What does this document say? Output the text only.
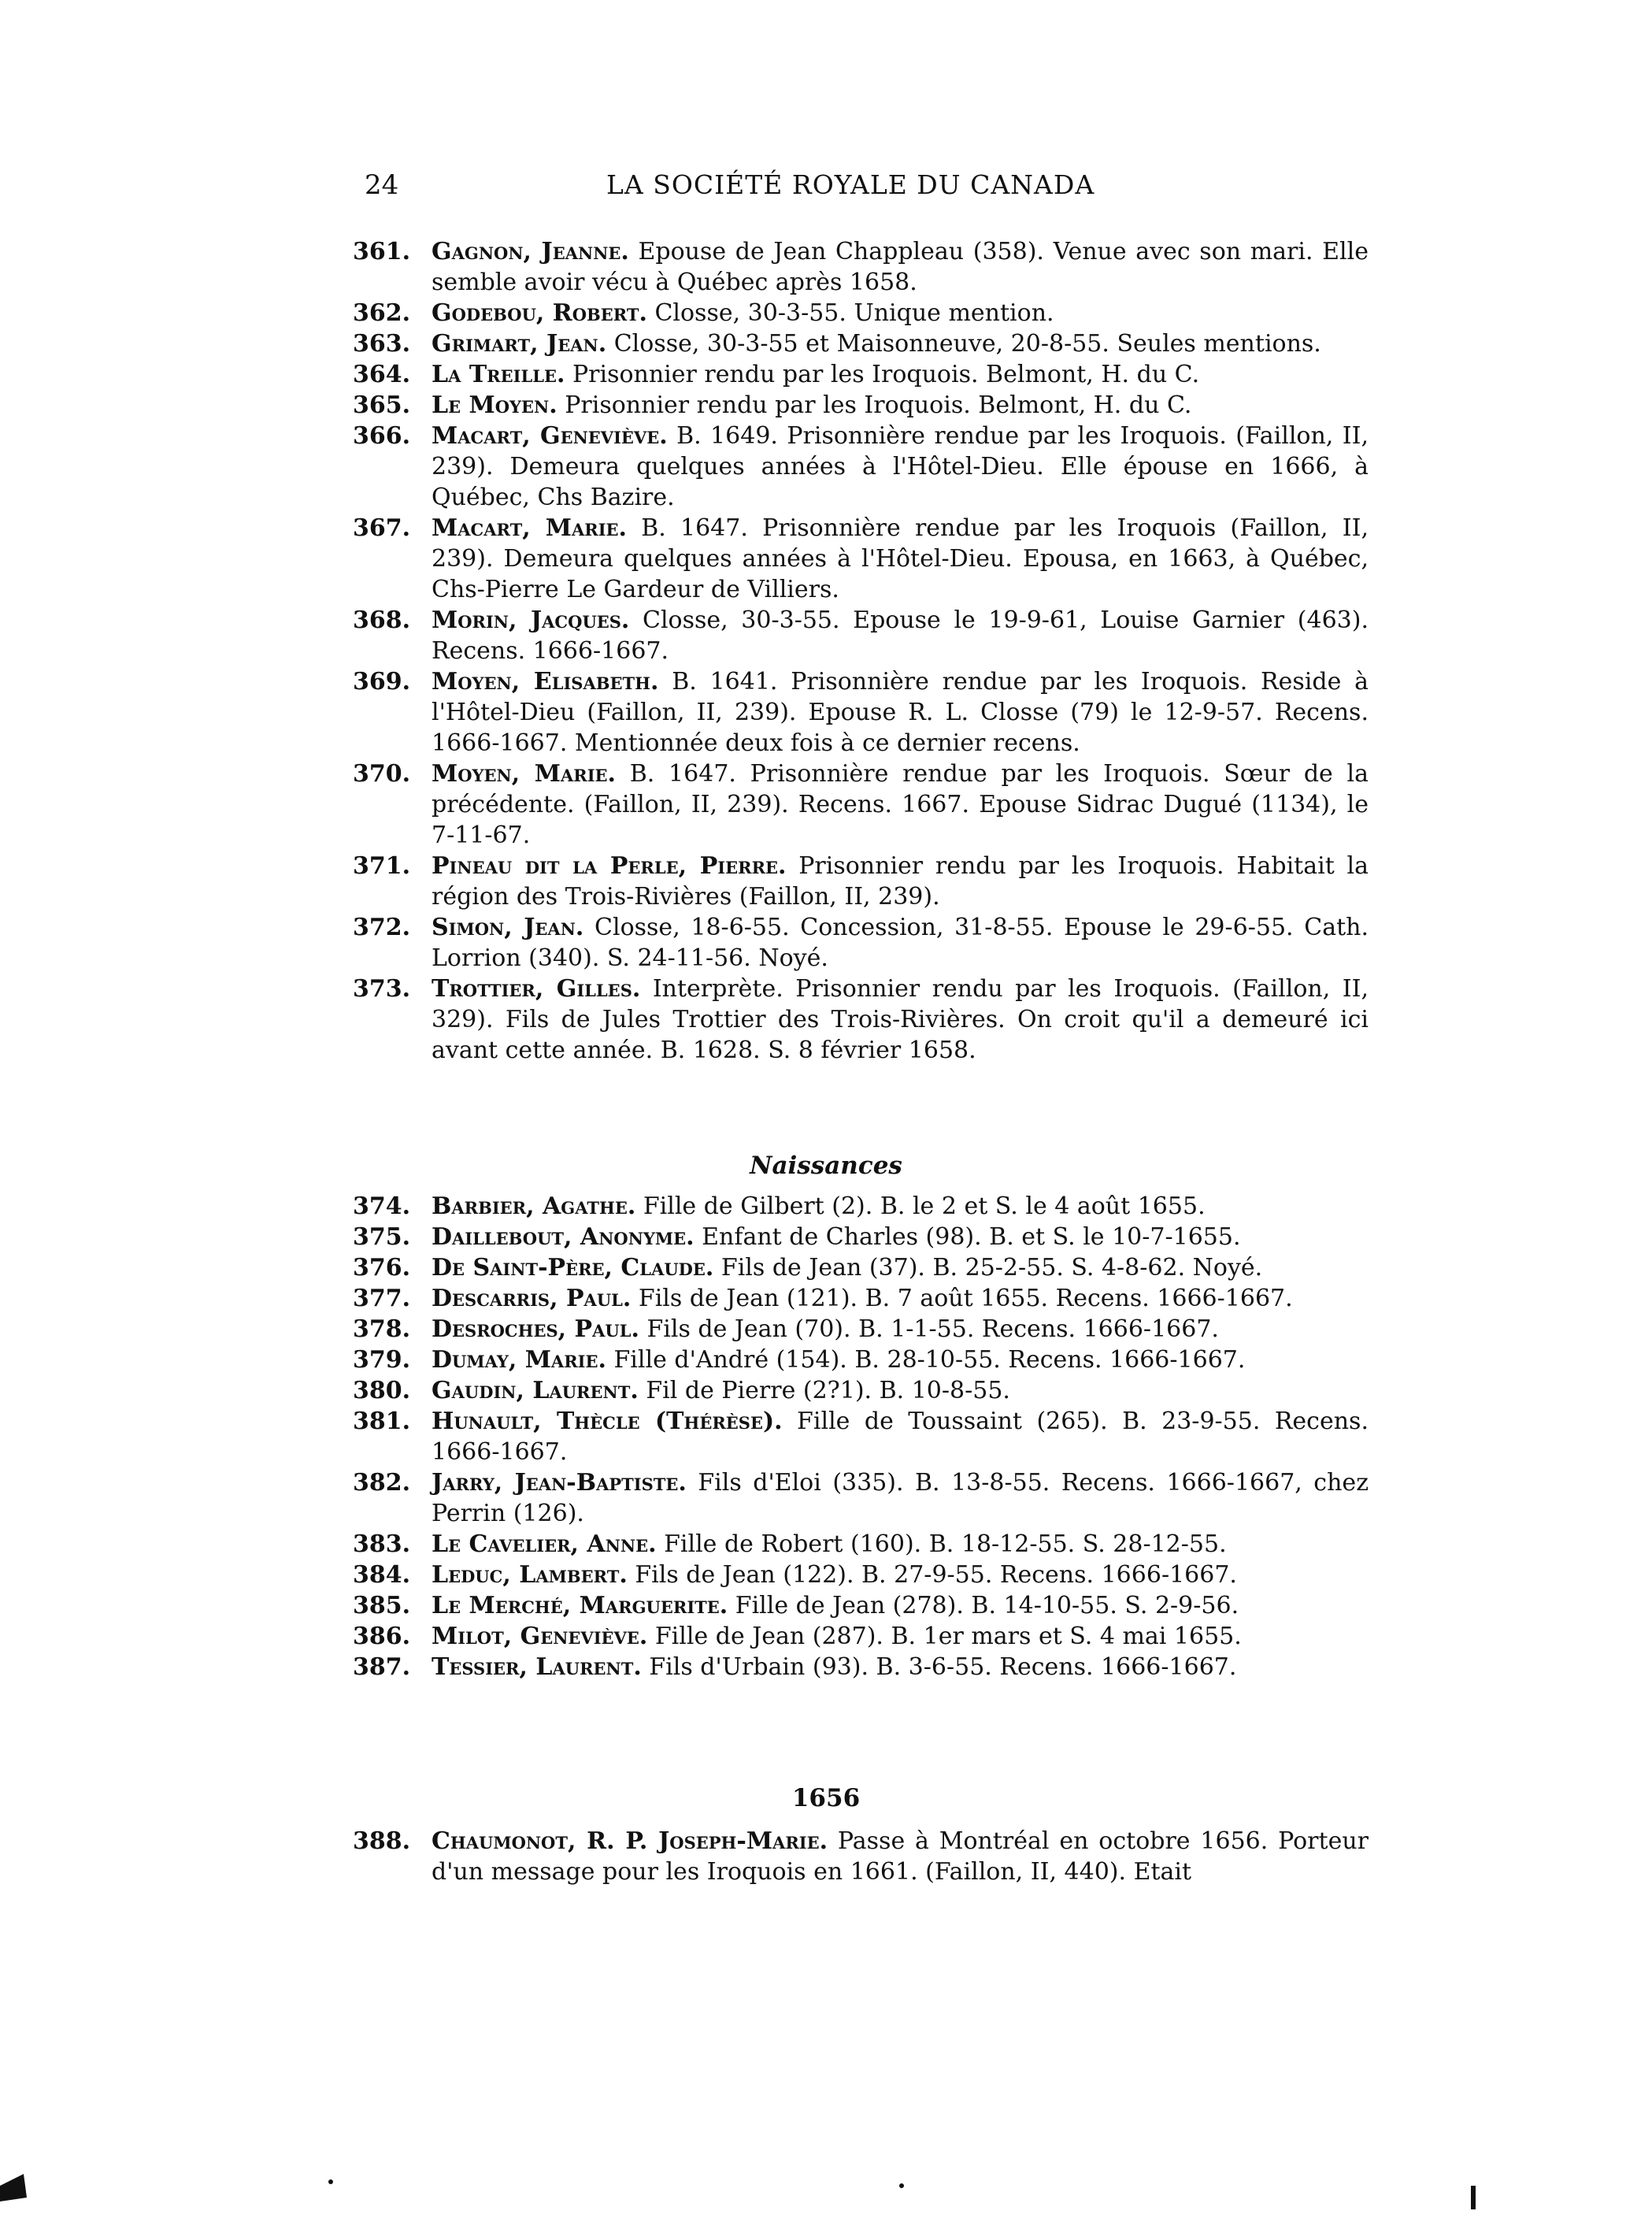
24	LA SOCIÉTÉ ROYALE DU CANADA
361. Gagnon, Jeanne. Epouse de Jean Chappleau (358). Venue avec son mari. Elle semble avoir vécu à Québec après 1658.
362. Godebou, Robert. Closse, 30-3-55. Unique mention.
363. Grimart, Jean. Closse, 30-3-55 et Maisonneuve, 20-8-55. Seules mentions.
364. La Treille. Prisonnier rendu par les Iroquois. Belmont, H. du C.
365. Le Moyen. Prisonnier rendu par les Iroquois. Belmont, H. du C.
366. Macart, Geneviève. B. 1649. Prisonnière rendue par les Iroquois. (Faillon, II, 239). Demeura quelques années à l'Hôtel-Dieu. Elle épouse en 1666, à Québec, Chs Bazire.
367. Macart, Marie. B. 1647. Prisonnière rendue par les Iroquois (Faillon, II, 239). Demeura quelques années à l'Hôtel-Dieu. Epousa, en 1663, à Québec, Chs-Pierre Le Gardeur de Villiers.
368. Morin, Jacques. Closse, 30-3-55. Epouse le 19-9-61, Louise Garnier (463). Recens. 1666-1667.
369. Moyen, Elisabeth. B. 1641. Prisonnière rendue par les Iroquois. Reside à l'Hôtel-Dieu (Faillon, II, 239). Epouse R. L. Closse (79) le 12-9-57. Recens. 1666-1667. Mentionnée deux fois à ce dernier recens.
370. Moyen, Marie. B. 1647. Prisonnière rendue par les Iroquois. Sœur de la précédente. (Faillon, II, 239). Recens. 1667. Epouse Sidrac Dugué (1134), le 7-11-67.
371. Pineau dit la Perle, Pierre. Prisonnier rendu par les Iroquois. Habitait la région des Trois-Rivières (Faillon, II, 239).
372. Simon, Jean. Closse, 18-6-55. Concession, 31-8-55. Epouse le 29-6-55. Cath. Lorrion (340). S. 24-11-56. Noyé.
373. Trottier, Gilles. Interprète. Prisonnier rendu par les Iroquois. (Faillon, II, 329). Fils de Jules Trottier des Trois-Rivières. On croit qu'il a demeuré ici avant cette année. B. 1628. S. 8 février 1658.
Naissances
374. Barbier, Agathe. Fille de Gilbert (2). B. le 2 et S. le 4 août 1655.
375. Daillebout, Anonyme. Enfant de Charles (98). B. et S. le 10-7-1655.
376. De Saint-Père, Claude. Fils de Jean (37). B. 25-2-55. S. 4-8-62. Noyé.
377. Descarris, Paul. Fils de Jean (121). B. 7 août 1655. Recens. 1666-1667.
378. Desroches, Paul. Fils de Jean (70). B. 1-1-55. Recens. 1666-1667.
379. Dumay, Marie. Fille d'André (154). B. 28-10-55. Recens. 1666-1667.
380. Gaudin, Laurent. Fil de Pierre (2?1). B. 10-8-55.
381. Hunault, Thècle (Thérèse). Fille de Toussaint (265). B. 23-9-55. Recens. 1666-1667.
382. Jarry, Jean-Baptiste. Fils d'Eloi (335). B. 13-8-55. Recens. 1666-1667, chez Perrin (126).
383. Le Cavelier, Anne. Fille de Robert (160). B. 18-12-55. S. 28-12-55.
384. Leduc, Lambert. Fils de Jean (122). B. 27-9-55. Recens. 1666-1667.
385. Le Merché, Marguerite. Fille de Jean (278). B. 14-10-55. S. 2-9-56.
386. Milot, Geneviève. Fille de Jean (287). B. 1er mars et S. 4 mai 1655.
387. Tessier, Laurent. Fils d'Urbain (93). B. 3-6-55. Recens. 1666-1667.
1656
388. Chaumonot, R. P. Joseph-Marie. Passe à Montréal en octobre 1656. Porteur d'un message pour les Iroquois en 1661. (Faillon, II, 440). Etait
